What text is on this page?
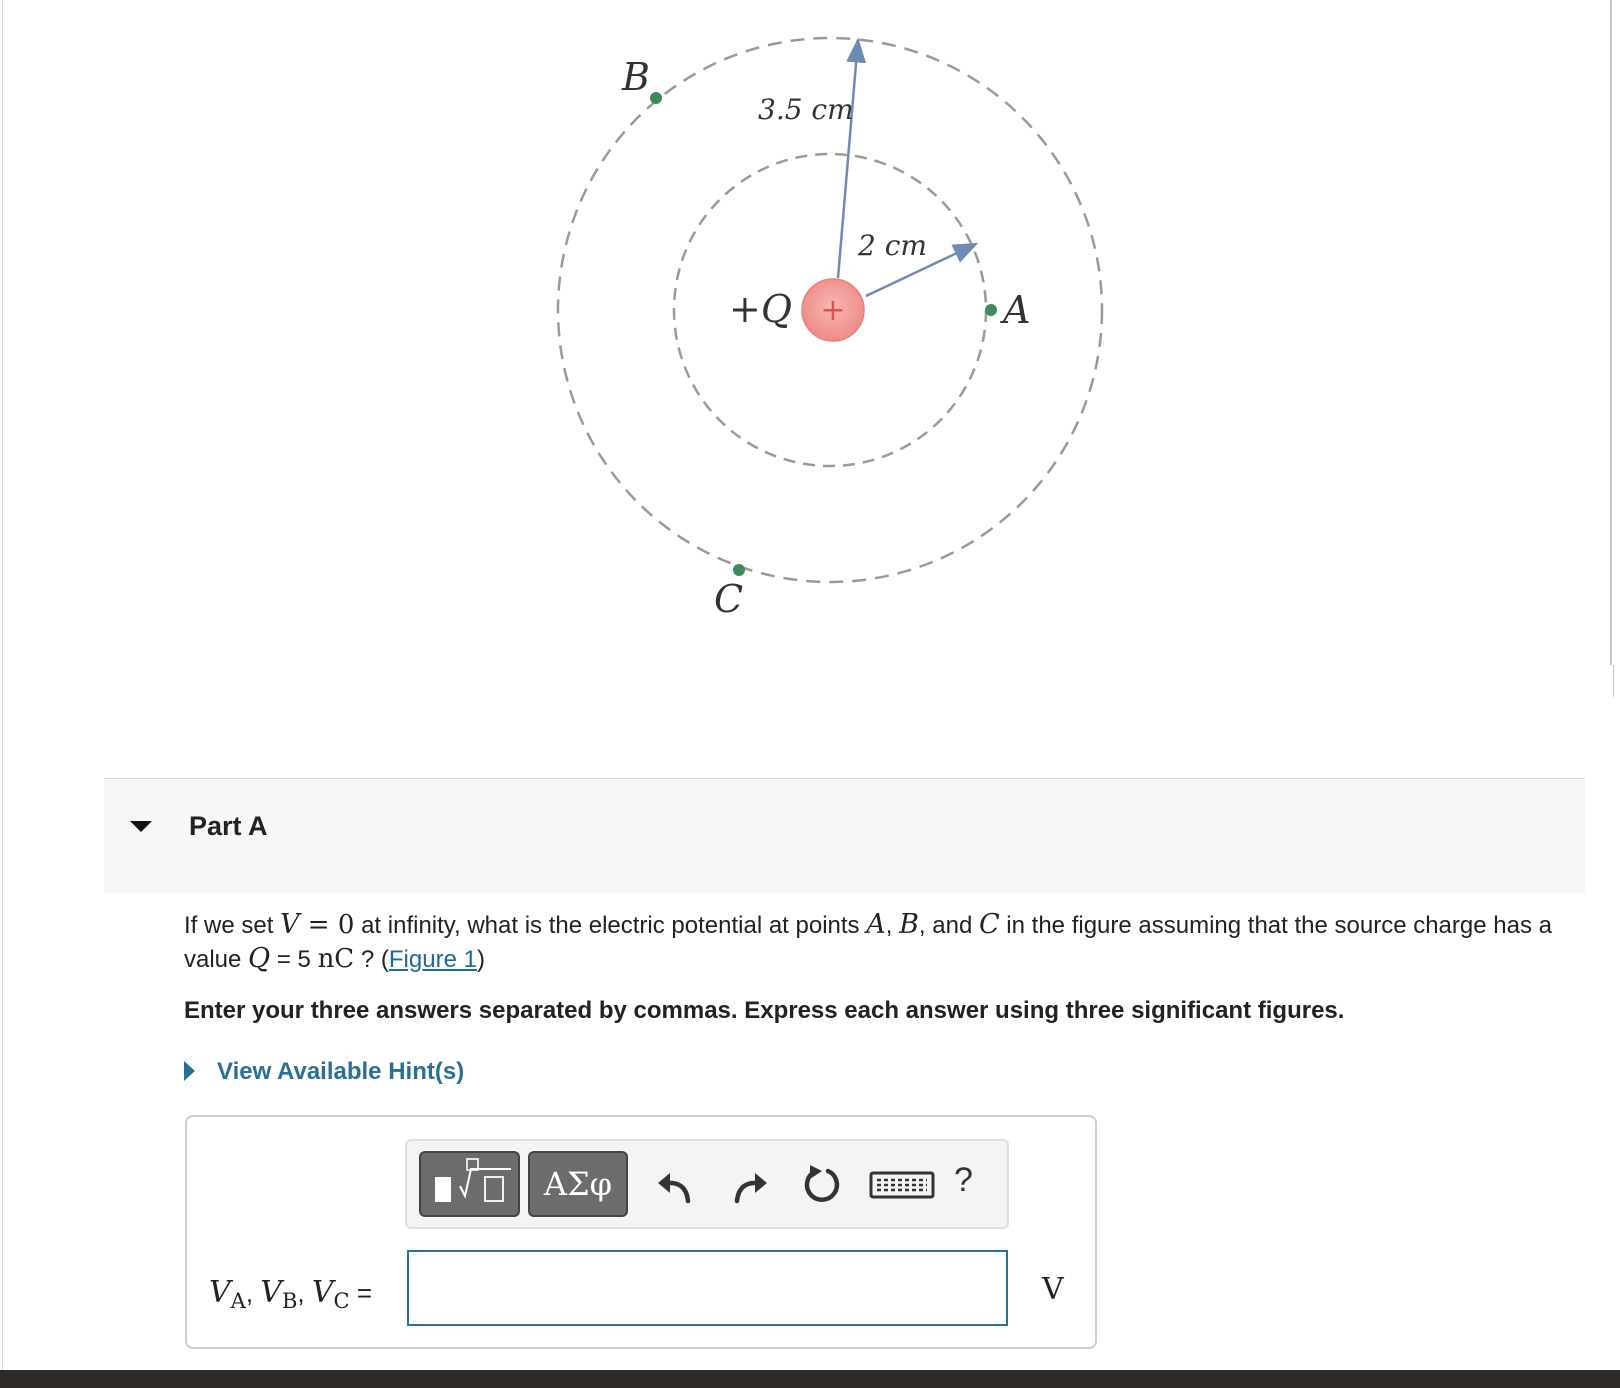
+
B
A
C
+Q
3.5 cm
2 cm
Part A
If we set V = 0 at infinity, what is the electric potential at points A, B, and C in the figure assuming that the source charge has a value Q = 5 nC ? (Figure 1)
Enter your three answers separated by commas. Express each answer using three significant figures.
View Available Hint(s)
ΑΣφ	?
$V_A$, $V_B$, $V_C$ =	V
